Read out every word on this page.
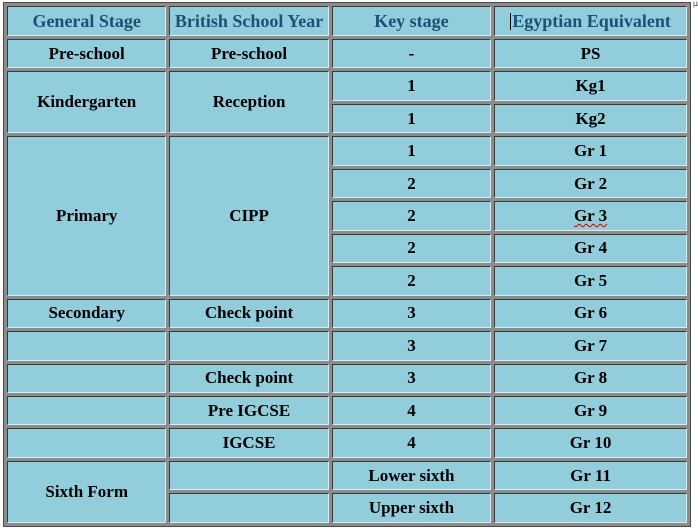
General Stage	British School Year	Key stage	Egyptian Equivalent
Pre-school	Pre-school	-	PS
Kindergarten	Reception	1	Kg1
		1	Kg2
Primary	CIPP	1	Gr 1
		2	Gr 2
		2	Gr 3
		2	Gr 4
		2	Gr 5
Secondary	Check point	3	Gr 6
		3	Gr 7
	Check point	3	Gr 8
	Pre IGCSE	4	Gr 9
	IGCSE	4	Gr 10
Sixth Form		Lower sixth	Gr 11
		Upper sixth	Gr 12
µ
